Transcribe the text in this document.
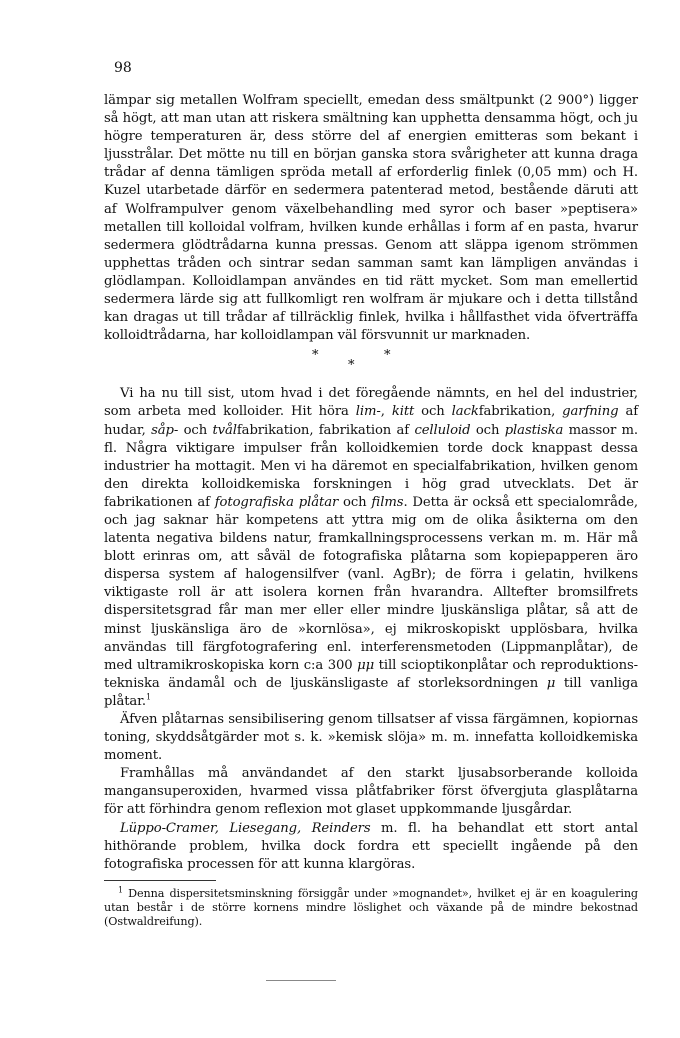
98

lämpar sig metallen Wolfram speciellt, emedan dess smältpunkt (2 900°) ligger så högt, att man utan att riskera smältning kan upphetta densamma högt, och ju högre temperaturen är, dess större del af energien emitteras som bekant i ljusstrålar. Det mötte nu till en början ganska stora svårigheter att kunna draga trådar af denna tämligen spröda metall af erforderlig finlek (0,05 mm) och H. Kuzel utarbetade därför en sedermera patenterad metod, bestående däruti att af Wolframpulver genom växelbehandling med syror och baser »peptisera» metallen till kolloidal volfram, hvilken kunde erhållas i form af en pasta, hvarur sedermera glödtrådarna kunna pressas. Genom att släppa igenom strömmen upphettas tråden och sintrar sedan samman samt kan lämpligen användas i glödlampan. Kolloidlampan användes en tid rätt mycket. Som man emellertid sedermera lärde sig att fullkomligt ren wolfram är mjukare och i detta tillstånd kan dragas ut till trådar af tillräcklig finlek, hvilka i hållfasthet vida öfverträffa kolloidtrådarna, har kolloidlampan väl försvunnit ur marknaden.

*
*
*

Vi ha nu till sist, utom hvad i det föregående nämnts, en hel del industrier, som arbeta med kolloider. Hit höra lim-, kitt och lackfabrikation, garfning af hudar, såp- och tvålfabrikation, fabrikation af celluloid och plastiska massor m. fl. Några viktigare impulser från kolloidkemien torde dock knappast dessa industrier ha mottagit. Men vi ha däremot en specialfabrikation, hvilken genom den direkta kolloidkemiska forskningen i hög grad utvecklats. Det är fabrikationen af fotografiska plåtar och films. Detta är också ett specialområde, och jag saknar här kompetens att yttra mig om de olika åsikterna om den latenta negativa bildens natur, framkallningsprocessens verkan m. m. Här må blott erinras om, att såväl de fotografiska plåtarna som kopiepapperen äro dispersa system af halogensilfver (vanl. AgBr); de förra i gelatin, hvilkens viktigaste roll är att isolera kornen från hvarandra. Alltefter bromsilfrets dispersitetsgrad får man mer eller eller mindre ljuskänsliga plåtar, så att de minst ljuskänsliga äro de »kornlösa», ej mikroskopiskt upplösbara, hvilka användas till färgfotografering enl. interferensmetoden (Lippmanplåtar), de med ultramikroskopiska korn c:a 300 μμ till scioptikonplåtar och reproduktions-tekniska ändamål och de ljuskänsligaste af storleksordningen μ till vanliga plåtar.$^1$

Äfven plåtarnas sensibilisering genom tillsatser af vissa färgämnen, kopiornas toning, skyddsåtgärder mot s. k. »kemisk slöja» m. m. innefatta kolloidkemiska moment.

Framhållas må användandet af den starkt ljusabsorberande kolloida mangansuperoxiden, hvarmed vissa plåtfabriker först öfvergjuta glasplåtarna för att förhindra genom reflexion mot glaset uppkommande ljusgårdar.

Lüppo-Cramer, Liesegang, Reinders m. fl. ha behandlat ett stort antal hithörande problem, hvilka dock fordra ett speciellt ingående på den fotografiska processen för att kunna klargöras.

$^1$ Denna dispersitetsminskning försiggår under »mognandet», hvilket ej är en koagulering utan består i de större kornens mindre löslighet och växande på de mindre bekostnad (Ostwaldreifung).
